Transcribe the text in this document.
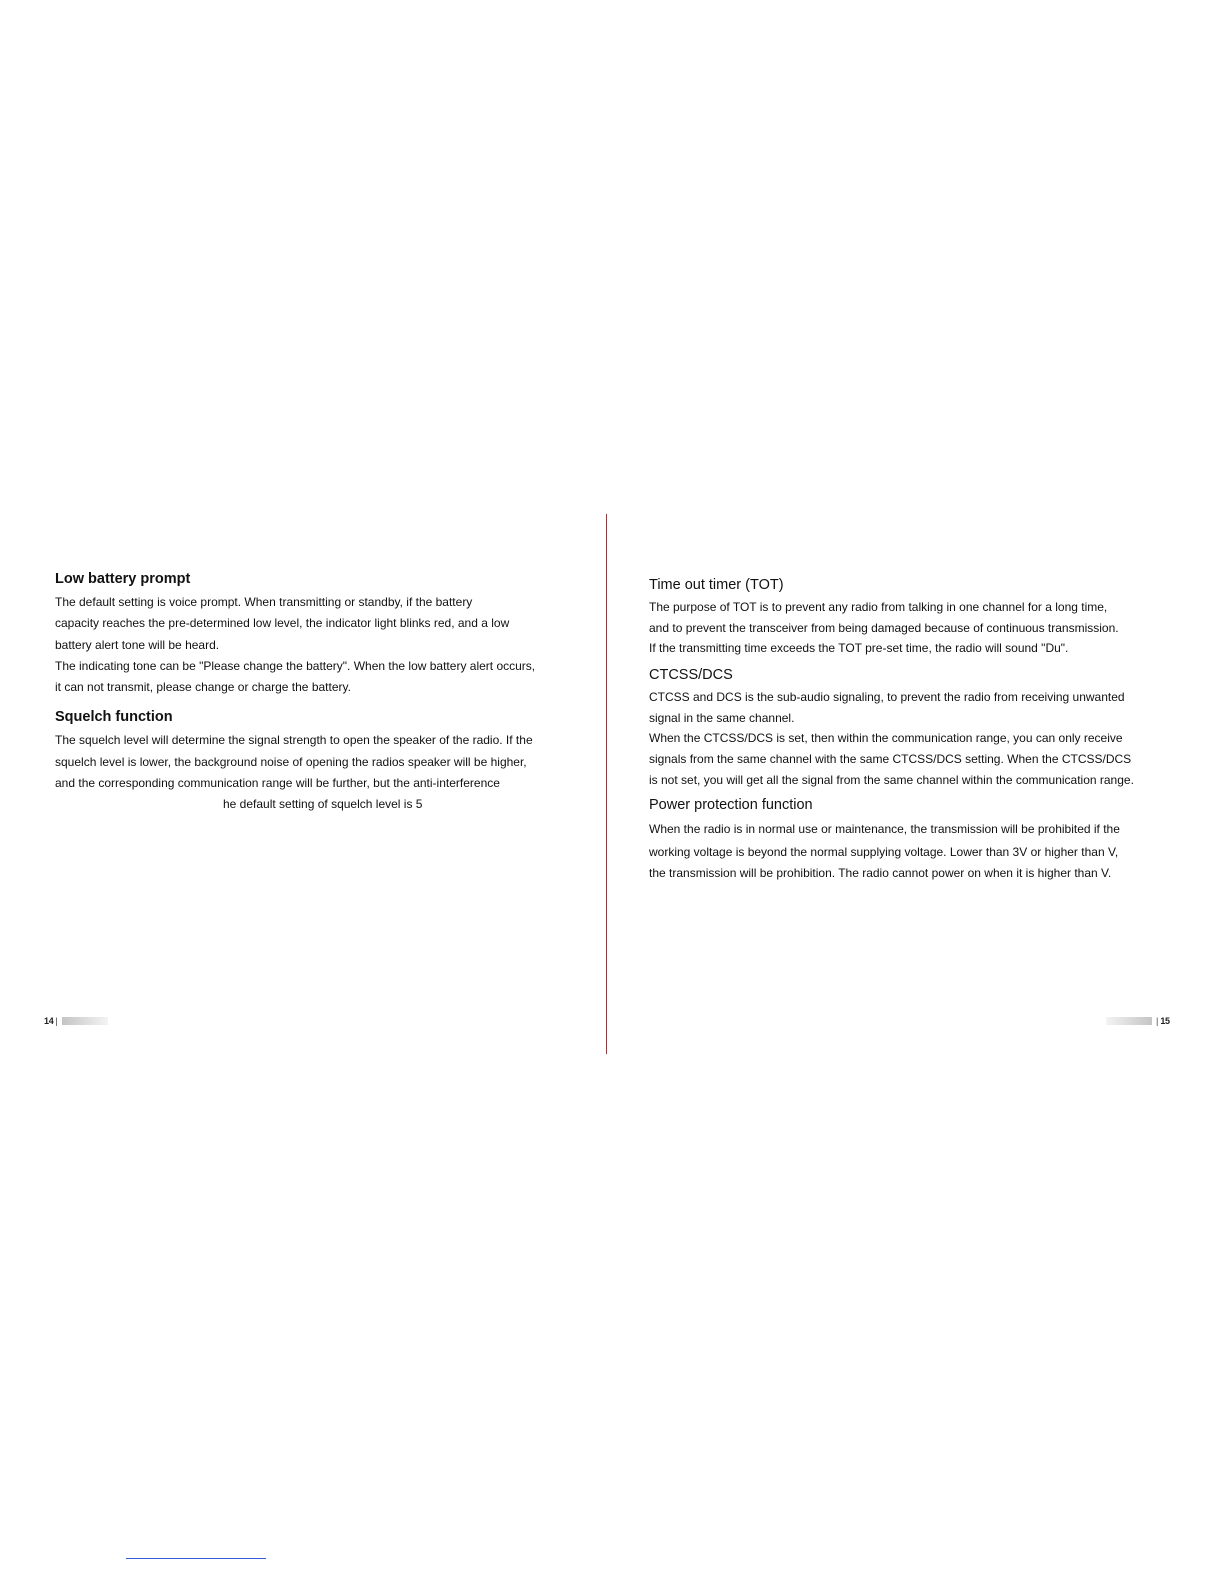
Low battery prompt

The default setting is voice prompt. When transmitting or standby, if the battery

capacity reaches the pre-determined low level, the indicator light blinks red, and a low

battery alert tone will be heard.

The indicating tone can be "Please change the battery". When the low battery alert occurs,

it can not transmit, please change or charge the battery.

Squelch function

The squelch level will determine the signal strength to open the speaker of the radio. If the

squelch level is lower, the background noise of opening the radios speaker will be higher,

and the corresponding communication range will be further, but the anti-interference

he default setting of squelch level is 5

14 |
Time out timer (TOT)

The purpose of TOT is to prevent any radio from talking in one channel for a long time,

and to prevent the transceiver from being damaged because of continuous transmission.

If the transmitting time exceeds the TOT pre-set time, the radio will sound "Du".

CTCSS/DCS

CTCSS and DCS is the sub-audio signaling, to prevent the radio from receiving unwanted

signal in the same channel.

When the CTCSS/DCS is set, then within the communication range, you can only receive

signals from the same channel with the same CTCSS/DCS setting. When the CTCSS/DCS

is not set, you will get all the signal from the same channel within the communication range.

Power protection function

When the radio is in normal use or maintenance, the transmission will be prohibited if the

working voltage is beyond the normal supplying voltage. Lower than 3V or higher than V,

the transmission will be prohibition. The radio cannot power on when it is higher than V.

| 15
